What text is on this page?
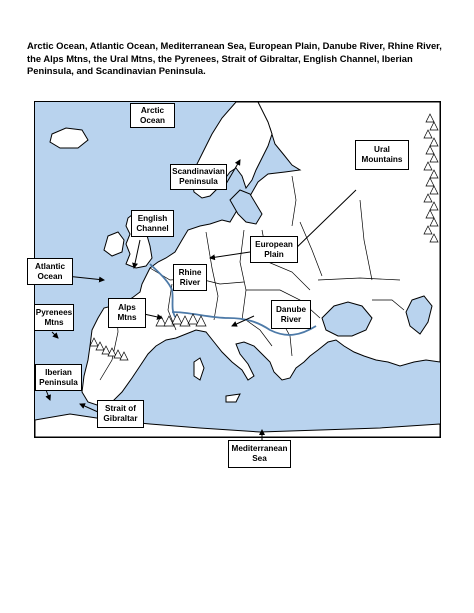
Arctic Ocean, Atlantic Ocean, Mediterranean Sea, European Plain, Danube River, Rhine River, the Alps Mtns, the Ural Mtns, the Pyrenees, Strait of Gibraltar, English Channel, Iberian Peninsula, and Scandinavian Peninsula.

Arctic
Ocean
Ural
Mountains
Scandinavian
Peninsula
English
Channel
European
Plain
Atlantic
Ocean	Rhine
River
Pyrenees
Mtns
Alps
Mtns
Danube
River
Iberian
Peninsula
Strait of
Gibraltar
Mediterranean
Sea
